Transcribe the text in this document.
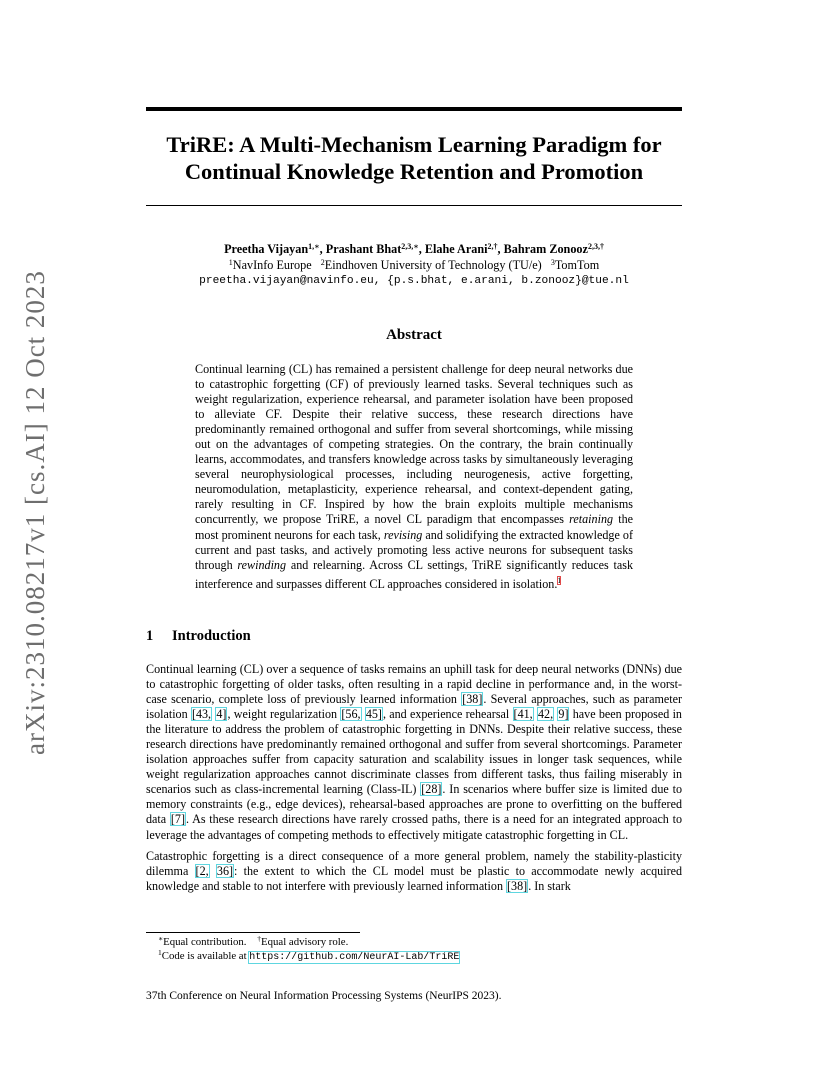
arXiv:2310.08217v1 [cs.AI] 12 Oct 2023
TriRE: A Multi-Mechanism Learning Paradigm for
Continual Knowledge Retention and Promotion
Preetha Vijayan$^{1,∗}$, Prashant Bhat$^{2,3,∗}$, Elahe Arani$^{2,\dagger}$, Bahram Zonooz$^{2,3,\dagger}$
$^1$NavInfo Europe $^2$Eindhoven University of Technology (TU/e) $^3$TomTom
preetha.vijayan@navinfo.eu, {p.s.bhat, e.arani, b.zonooz}@tue.nl
Abstract
Continual learning (CL) has remained a persistent challenge for deep neural networks due to catastrophic forgetting (CF) of previously learned tasks. Several techniques such as weight regularization, experience rehearsal, and parameter isolation have been proposed to alleviate CF. Despite their relative success, these research directions have predominantly remained orthogonal and suffer from several shortcomings, while missing out on the advantages of competing strategies. On the contrary, the brain continually learns, accommodates, and transfers knowledge across tasks by simultaneously leveraging several neurophysiological processes, including neurogenesis, active forgetting, neuromodulation, metaplasticity, experience rehearsal, and context-dependent gating, rarely resulting in CF. Inspired by how the brain exploits multiple mechanisms concurrently, we propose TriRE, a novel CL paradigm that encompasses retaining the most prominent neurons for each task, revising and solidifying the extracted knowledge of current and past tasks, and actively promoting less active neurons for subsequent tasks through rewinding and relearning. Across CL settings, TriRE significantly reduces task interference and surpasses different CL approaches considered in isolation.$^1$
1 Introduction

Continual learning (CL) over a sequence of tasks remains an uphill task for deep neural networks (DNNs) due to catastrophic forgetting of older tasks, often resulting in a rapid decline in performance and, in the worst-case scenario, complete loss of previously learned information [38]. Several approaches, such as parameter isolation [43, 4], weight regularization [56, 45], and experience rehearsal [41, 42, 9] have been proposed in the literature to address the problem of catastrophic forgetting in DNNs. Despite their relative success, these research directions have predominantly remained orthogonal and suffer from several shortcomings. Parameter isolation approaches suffer from capacity saturation and scalability issues in longer task sequences, while weight regularization approaches cannot discriminate classes from different tasks, thus failing miserably in scenarios such as class-incremental learning (Class-IL) [28]. In scenarios where buffer size is limited due to memory constraints (e.g., edge devices), rehearsal-based approaches are prone to overfitting on the buffered data [7]. As these research directions have rarely crossed paths, there is a need for an integrated approach to leverage the advantages of competing methods to effectively mitigate catastrophic forgetting in CL.

Catastrophic forgetting is a direct consequence of a more general problem, namely the stability-plasticity dilemma [2, 36]: the extent to which the CL model must be plastic to accommodate newly acquired knowledge and stable to not interfere with previously learned information [38]. In stark

∗Equal contribution. †Equal advisory role.
$^1$Code is available at https://github.com/NeurAI-Lab/TriRE
37th Conference on Neural Information Processing Systems (NeurIPS 2023).
